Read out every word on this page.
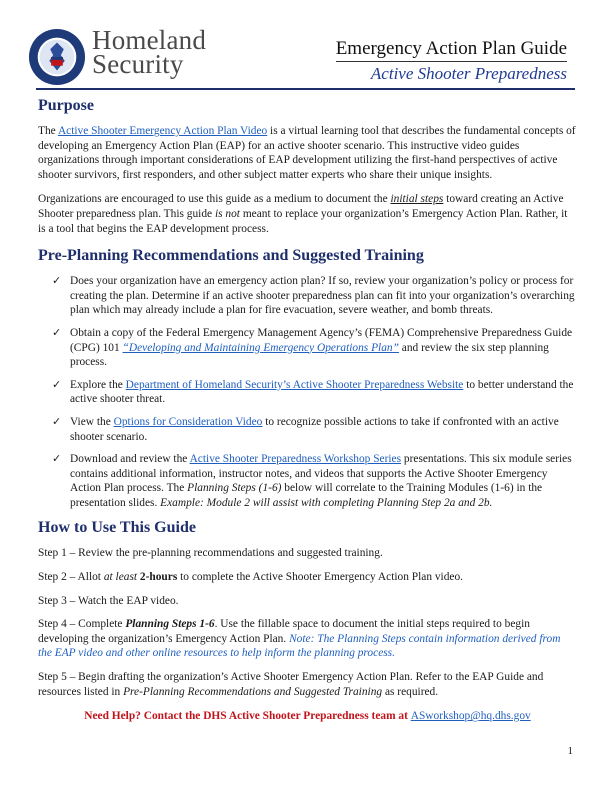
Homeland
Security
Emergency Action Plan Guide
Active Shooter Preparedness
Purpose

The Active Shooter Emergency Action Plan Video is a virtual learning tool that describes the fundamental concepts of developing an Emergency Action Plan (EAP) for an active shooter scenario. This instructive video guides organizations through important considerations of EAP development utilizing the first-hand perspectives of active shooter survivors, first responders, and other subject matter experts who share their unique insights.

Organizations are encouraged to use this guide as a medium to document the initial steps toward creating an Active Shooter preparedness plan. This guide is not meant to replace your organization’s Emergency Action Plan. Rather, it is a tool that begins the EAP development process.

Pre-Planning Recommendations and Suggested Training
✓ Does your organization have an emergency action plan? If so, review your organization’s policy or process for creating the plan. Determine if an active shooter preparedness plan can fit into your organization’s overarching plan which may already include a plan for fire evacuation, severe weather, and bomb threats.
✓ Obtain a copy of the Federal Emergency Management Agency’s (FEMA) Comprehensive Preparedness Guide (CPG) 101 “Developing and Maintaining Emergency Operations Plan” and review the six step planning process.
✓ Explore the Department of Homeland Security’s Active Shooter Preparedness Website to better understand the active shooter threat.
✓ View the Options for Consideration Video to recognize possible actions to take if confronted with an active shooter scenario.
✓ Download and review the Active Shooter Preparedness Workshop Series presentations. This six module series contains additional information, instructor notes, and videos that supports the Active Shooter Emergency Action Plan process. The Planning Steps (1-6) below will correlate to the Training Modules (1-6) in the presentation slides. Example: Module 2 will assist with completing Planning Step 2a and 2b.
How to Use This Guide

Step 1 – Review the pre-planning recommendations and suggested training.

Step 2 – Allot at least 2-hours to complete the Active Shooter Emergency Action Plan video.

Step 3 – Watch the EAP video.

Step 4 – Complete Planning Steps 1-6. Use the fillable space to document the initial steps required to begin developing the organization’s Emergency Action Plan. Note: The Planning Steps contain information derived from the EAP video and other online resources to help inform the planning process.

Step 5 – Begin drafting the organization’s Active Shooter Emergency Action Plan. Refer to the EAP Guide and resources listed in Pre-Planning Recommendations and Suggested Training as required.

Need Help? Contact the DHS Active Shooter Preparedness team at ASworkshop@hq.dhs.gov
1
